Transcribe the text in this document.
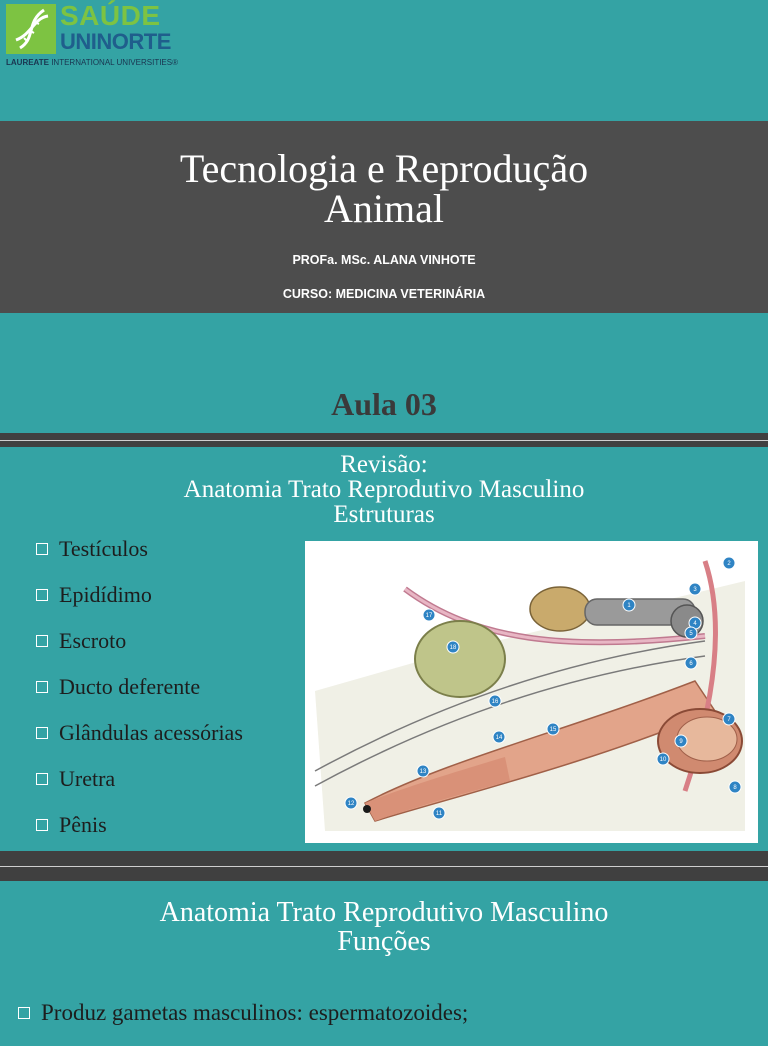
SAÚDE
UNINORTE
LAUREATE INTERNATIONAL UNIVERSITIES®
Tecnologia e Reprodução
Animal
PROFa. MSc. ALANA VINHOTE
CURSO: MEDICINA VETERINÁRIA
Aula 03
Revisão:
Anatomia Trato Reprodutivo Masculino
Estruturas
Testículos
Epidídimo
Escroto
Ducto deferente
Glândulas acessórias
Uretra
Pênis
2
3
1
4
5
6
7
8
9
10
11
12
13
14
15
16
17
18
Anatomia Trato Reprodutivo Masculino
Funções
Produz gametas masculinos: espermatozoides;
